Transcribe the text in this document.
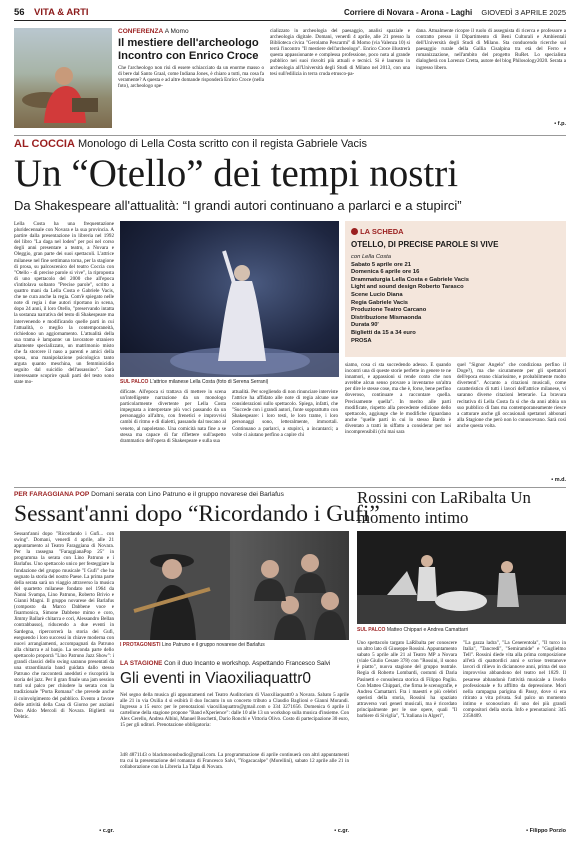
56 VITA & ARTI	Corriere di Novara - Arona - Laghi GIOVEDÌ 3 APRILE 2025
CONFERENZA A Momo
Il mestiere dell'archeologo Incontro con Enrico Croce
Che l'archeologo non risi di essere schiacciato da un enorme masso o di bere dal Santo Graal, come Indiana Jones, è chiaro a tutti, ma cosa fa veramente? A questa e ad altre domande risponderà Enrico Croce (nella foto), archeologo spe-
cializzato in archeologia del paesaggio, analisi spaziale e archeologia digitale. Domani, venerdì 4 aprile, alle 21 presso la Biblioteca civica "Gerolamo Pescarmi" di Momo (via Valenza 10) si terrà l'incontro "Il mestiere dell'archeologo". Enrico Croce illustrerà questa appassionante e complessa professione, poco nota al grande pubblico nei suoi risvolti più attuali e tecnici. Si è laureato in archeologia all'Università degli Studi di Milano nel 2013, con una tesi sull'edilizia in terra cruda etrusco-pa-
dana. Attualmente ricopre il ruolo di assegnista di ricerca e professore a contratto presso il Dipartimento di Beni Culturali e Ambientali dell'Università degli Studi di Milano. Sta conducendo ricerche sul paesaggio rurale della Gallia Cisalpina tra età del Ferro e romanizzazione, nell'ambito del progetto RuRet. Lo specialista dialogherà con Lorenzo Cretta, autore del blog Philosology2020. Serata a ingresso libero.
• f.p.
AL COCCIA Monologo di Lella Costa scritto con il regista Gabriele Vacis
Un “Otello” dei tempi nostri
Da Shakespeare all'attualità: “I grandi autori continuano a parlarci e a stupirci”
Lella Costa ha una frequentazione pluridecennale con Novara e la sua provincia. A partire dalla presentazione in libreria nel 1992 del libro "La daga nel loden" per poi nel corso degli anni presentare a teatro, a Novara e Oleggio, gran parte dei suoi spettacoli. L'attrice milanese nel fine settimana torna, per la stagione di prosa, su palcoscenico del teatro Coccia con "Otello - di precise parole si vive", la riproposta di uno spettacolo del 2000 che all'epoca s'intitolava soltanto "Precise parole", scritto a quattro mani da Lella Costa e Gabriele Vacis, che ne cura anche la regia. Com'è spiegato nelle note di regia i due autori riportano in scena, dopo 24 anni, il loro Otello, "preservando intatta la sostanza narrativa del testo di Shakespeare ma intervenendo e modificando quelle parti in cui l'attualità, o meglio la contemporaneità, richiedono un aggiornamento. L'attualità della sua trama è lampante: un lavoratore straniero altamente specializzato, un matrimonio misto che fa storcere il naso a parenti e amici della sposa, una manipolazione psicologica tanto arguta quanto meschina, un femminicidio seguito dal suicidio dell'assassino". Sarà interessante scoprire quali parti del testo sono state mo-	SUL PALCO L'attrice milanese Lella Costa (foto di Serena Serrani)
dificate. All'epoca si trattava di mettere in scena un'intelligente narrazione da un monologo particolarmente divertente per Lella Costa impegnata a interpretare più voci passando da un personaggio all'altro, con frenetici e improvvisi cambi di ritmo e di dialetti, passando dal toscano al veneto, al napoletano. Una comicità nata fine a se stessa ma capace di far riflettere sull'aspetto drammatico dell'opera di Shakespeare e sulla sua
attualità. Per scegliendo di non rinunciare interviste l'attrice ha affidato alle note di regia alcune sue considerazioni sullo spettacolo. Spiega, infatti, che "Succede con i grandi autori, fonte sopprattutto con Shakespeare: i loro testi, le loro trame, i loro personaggi sono, letteralmente, immortali. Continuano a parlarci, a stupirci, a incantarci; a volte ci aiutano perfino a capire chi
LA SCHEDA
OTELLO, DI PRECISE PAROLE SI VIVE
con Lella Costa
Sabato 5 aprile ore 21
Domenica 6 aprile ore 16
Drammaturgia Lella Costa e Gabriele Vacis
Light and sound design Roberto Tarasco
Scene Lucio Diana
Regia Gabriele Vacis
Produzione Teatro Carcano
Distribuzione Mismaonda
Durata 90'
Biglietti da 15 a 34 euro
PROSA
siamo, cosa ci sta succedendo adesso. E quando incontri una di queste storie perfette in genere te ne innamori, e appassioni si rende conto che non avrebbe alcun senso provare a inventarne un'altra per dire le stesse cose, ma che è, forse, bene perfino doveroso, continuare a raccontare quella. Precisamente quella". In merito alle parti modificate, rispetto alla precedente edizione dello spettacolo, aggiunge che le modifiche riguardano anche "quelle parti in cui lo stesso Bardo è diventato a tratti in siffatto a considerar per noi incomprensibili (chi mai sara
quel "Signor Angelo" che condiziona perfino il Doge?), ma che sicuramente per gli spettatori dell'epoca erano chiarissime, e probabilmente molto divertenti". Accanto a citazioni musicali, come caratteristico di tutti i lavori dell'attrice milanese, vi saranno diverse citazioni letterarie. La bravura recitativa di Lella Costa fa sì che da anni abbia un suo pubblico di fans ma contemporaneamente riesce a catturare anche gli occasionali spettatori abbonati alla Stagione che però non lo conoscevano. Sarà così anche questa volta.
• m.d.
PER FARAGGIANA POP Domani serata con Lino Patruno e il gruppo novarese dei Barlafus
Sessant'anni dopo “Ricordando i Gufi”
Sessant'anni dopo "Ricordando i Gufi... con swing". Domani, venerdì 4 aprile, alle 21 appuntamento al Teatro Faraggiana di Novara. Per la rassegna "FaraggianaPop 25" in programma la serata con Lino Patruno e i Barlafus. Uno spettacolo unico per festeggiare la fondazione del gruppo musicale "I Gufi" che ha segnato la storia del nostro Paese. La prima parte della serata sarà un viaggio attraverso la musica del quartetto milanese fondato nel 1964 da Nanni Svampa, Lino Patruno, Roberto Brivio e Gianni Magni. Il gruppo novarese dei Barlafus (composto da Marco Dabbene voce e fisarmonica, Simone Dabbene mimo e coro, Jimmy Ballarè chitarra e cori, Alessandro Bellan contrabbasso), riducendo a due eventi in Sardegna, ripercorrerà la storia dei Gufi, eseguendo i loro successi in chiave moderna con nuovi arrangiamenti, accompagnati da Patruno alla chitarra e al banjo. La seconda parte dello spettacolo proporrà "Lino Patruno Jazz Show": i grandi classici dello swing saranno presentati da una straordinaria band guidata dallo stesso Patruno che racconterà aneddoti e riscoprirà la storia del jazz. Per il gran finale una jam session tutti sul palco per chiudere la serata con la tradizionale "Porta Romana" che prevede anche il coinvolgimento del pubblico. Evento a favore delle attività della Casa di Giorno per anziani Don Aldo Mercoli di Novara. Biglietti su Webtic.
• c.gr.
I PROTAGONISTI Lino Patruno e il gruppo novarese dei Barlafus
LA STAGIONE Con il duo Incanto e workshop. Aspettando Francesco Salvi
Gli eventi in Viaoxiliaquattr0
Nel segno della musica gli appuntamenti nel Teatro Auditorium di Viaoxiliaquattr0 a Novara. Sabato 5 aprile alle 21 in via Oxilia 4 si esibirà il duo Incanto in un concerto tributo a Claudio Baglioni e Gianni Morandi. Ingresso a 15 euro: per le prenotazioni viaoxiliaquattro@gmail.com o 334 3271656. Domenica 6 aprile il cartellone della stagione propone "Band eXperience": dalle 10 alle 13 un workshop sulla musica d'insieme. Con Alex Cerello, Andrea Albini, Manuel Boschetti, Dario Ronchi e Vittoria Olivo. Costo di partecipazione 30 euro, 15 per gli uditori. Prenotazione obbligatoria:
348 4871143 o blackmoonsbudio@gmail.com. La programmazione di aprile continuerà con altri appuntamenti tra cui la presentazione del romanzo di Francesco Salvi, "Yogacacalpe" (Morellini), sabato 12 aprile alle 21 in collaborazione con la Libreria La Talpa di Novara.
• c.gr.
Rossini con LaRibalta Un momento intimo
SUL PALCO Matteo Chippari e Andrea Camattarri
Uno spettacolo targato LaRibalta per conoscere un altro lato di Giuseppe Rossini. Appuntamento sabato 5 aprile alle 21 al Teatro MP a Novara (viale Giulio Cesare 378) con "Rossini, il suono è piatto", nuova stagione del gruppo teatrale. Regia di Roberto Lombardi, costumi di Daria Pasinetti e consulenza storica di Filippo Pagliu. Con Matteo Chippari, che firma le scenografie, e Andrea Camattarri. Fra i maestri e più celebri operisti della storia, Rossini ha spaziato attraverso vari generi musicali, ma è ricordato principalmente per le sue opere, quali "Il barbiere di Siviglia", "L'italiana in Algeri",
"La gazza ladra", "La Cenerentola", "Il turco in Italia", "Tancredi", "Semiramide" e "Guglielmo Tell". Rossini diede vita alla prima composizione all'età di quattordici anni e scrisse trentanove lavori di rilievo in diciannove anni, prima del suo improvviso abbandono del teatro nel 1829. Il pesarese abbandonò l'attività musicale a livello professionale e fu afflitto da depressione. Morì nella campagna parigina di Passy, dove si era ritirato a vita privata. Sul palco un momento intimo e sconosciuto di uno dei più grandi compositori della storia. Info e prenotazioni: 345 2358409.
• Filippo Porzio
